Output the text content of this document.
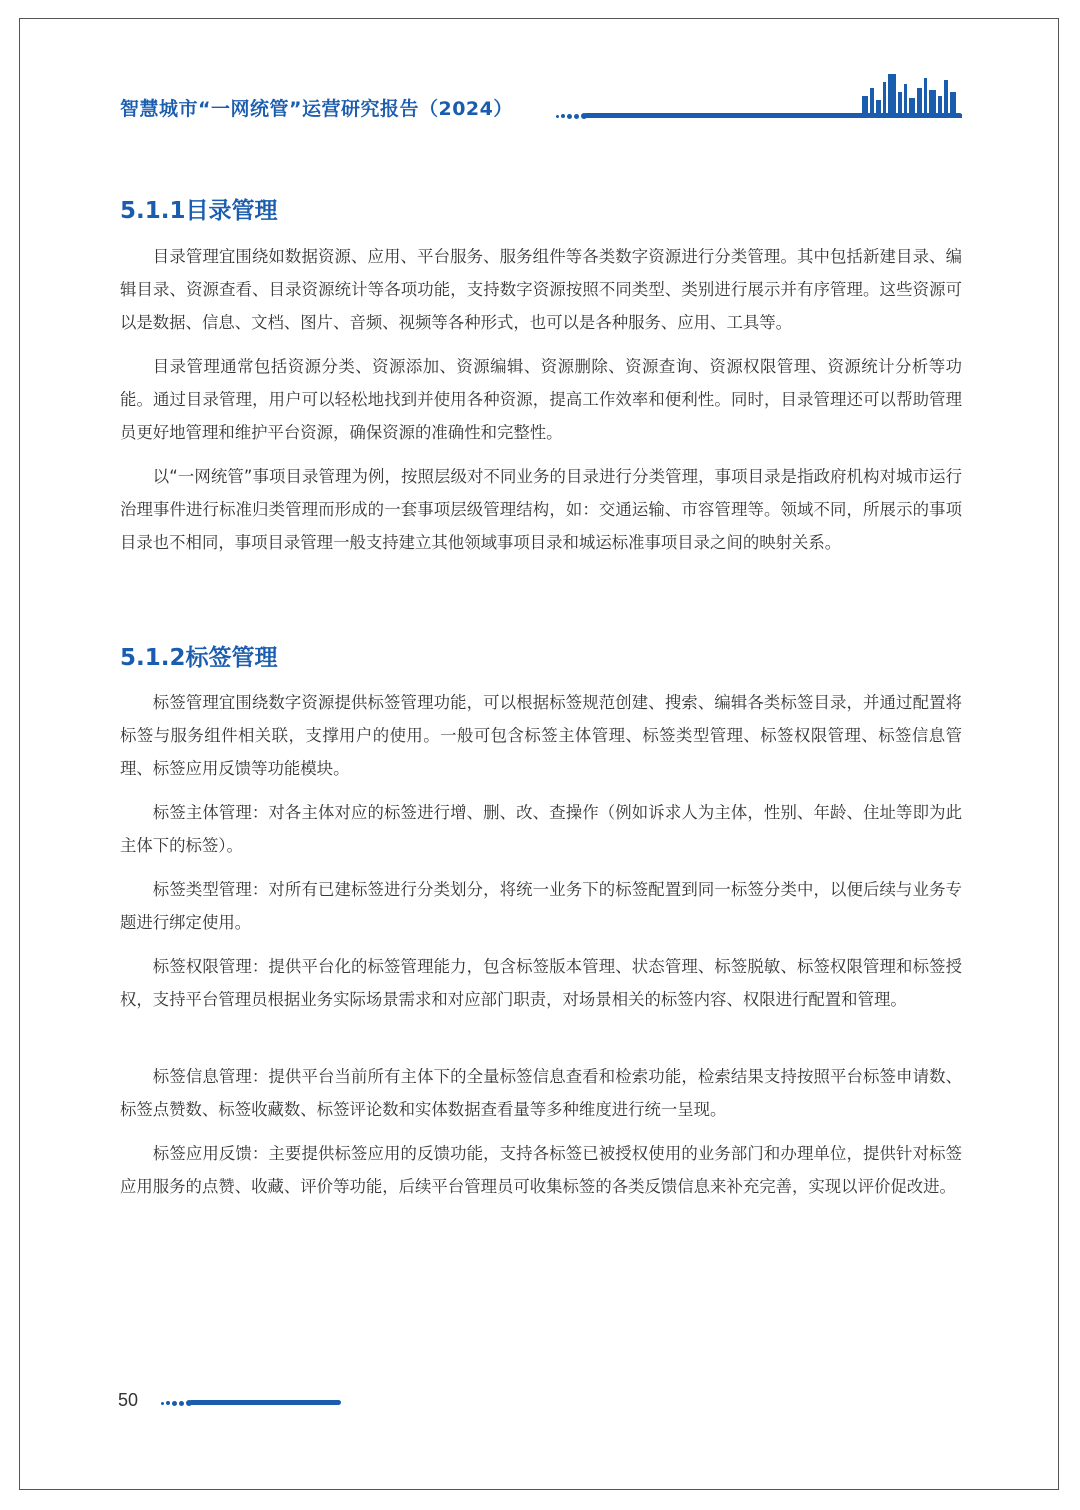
智慧城市“一网统管”运营研究报告（2024）
5.1.1目录管理

目录管理宜围绕如数据资源、应用、平台服务、服务组件等各类数字资源进行分类管理。其中包括新建目录、编辑目录、资源查看、目录资源统计等各项功能，支持数字资源按照不同类型、类别进行展示并有序管理。这些资源可以是数据、信息、文档、图片、音频、视频等各种形式，也可以是各种服务、应用、工具等。

目录管理通常包括资源分类、资源添加、资源编辑、资源删除、资源查询、资源权限管理、资源统计分析等功能。通过目录管理，用户可以轻松地找到并使用各种资源，提高工作效率和便利性。同时，目录管理还可以帮助管理员更好地管理和维护平台资源，确保资源的准确性和完整性。

以“一网统管”事项目录管理为例，按照层级对不同业务的目录进行分类管理，事项目录是指政府机构对城市运行治理事件进行标准归类管理而形成的一套事项层级管理结构，如：交通运输、市容管理等。领域不同，所展示的事项目录也不相同，事项目录管理一般支持建立其他领域事项目录和城运标准事项目录之间的映射关系。

5.1.2标签管理

标签管理宜围绕数字资源提供标签管理功能，可以根据标签规范创建、搜索、编辑各类标签目录，并通过配置将标签与服务组件相关联，支撑用户的使用。一般可包含标签主体管理、标签类型管理、标签权限管理、标签信息管理、标签应用反馈等功能模块。

标签主体管理：对各主体对应的标签进行增、删、改、查操作（例如诉求人为主体，性别、年龄、住址等即为此主体下的标签）。

标签类型管理：对所有已建标签进行分类划分，将统一业务下的标签配置到同一标签分类中，以便后续与业务专题进行绑定使用。

标签权限管理：提供平台化的标签管理能力，包含标签版本管理、状态管理、标签脱敏、标签权限管理和标签授权，支持平台管理员根据业务实际场景需求和对应部门职责，对场景相关的标签内容、权限进行配置和管理。

标签信息管理：提供平台当前所有主体下的全量标签信息查看和检索功能，检索结果支持按照平台标签申请数、标签点赞数、标签收藏数、标签评论数和实体数据查看量等多种维度进行统一呈现。

标签应用反馈：主要提供标签应用的反馈功能，支持各标签已被授权使用的业务部门和办理单位，提供针对标签应用服务的点赞、收藏、评价等功能，后续平台管理员可收集标签的各类反馈信息来补充完善，实现以评价促改进。

50
